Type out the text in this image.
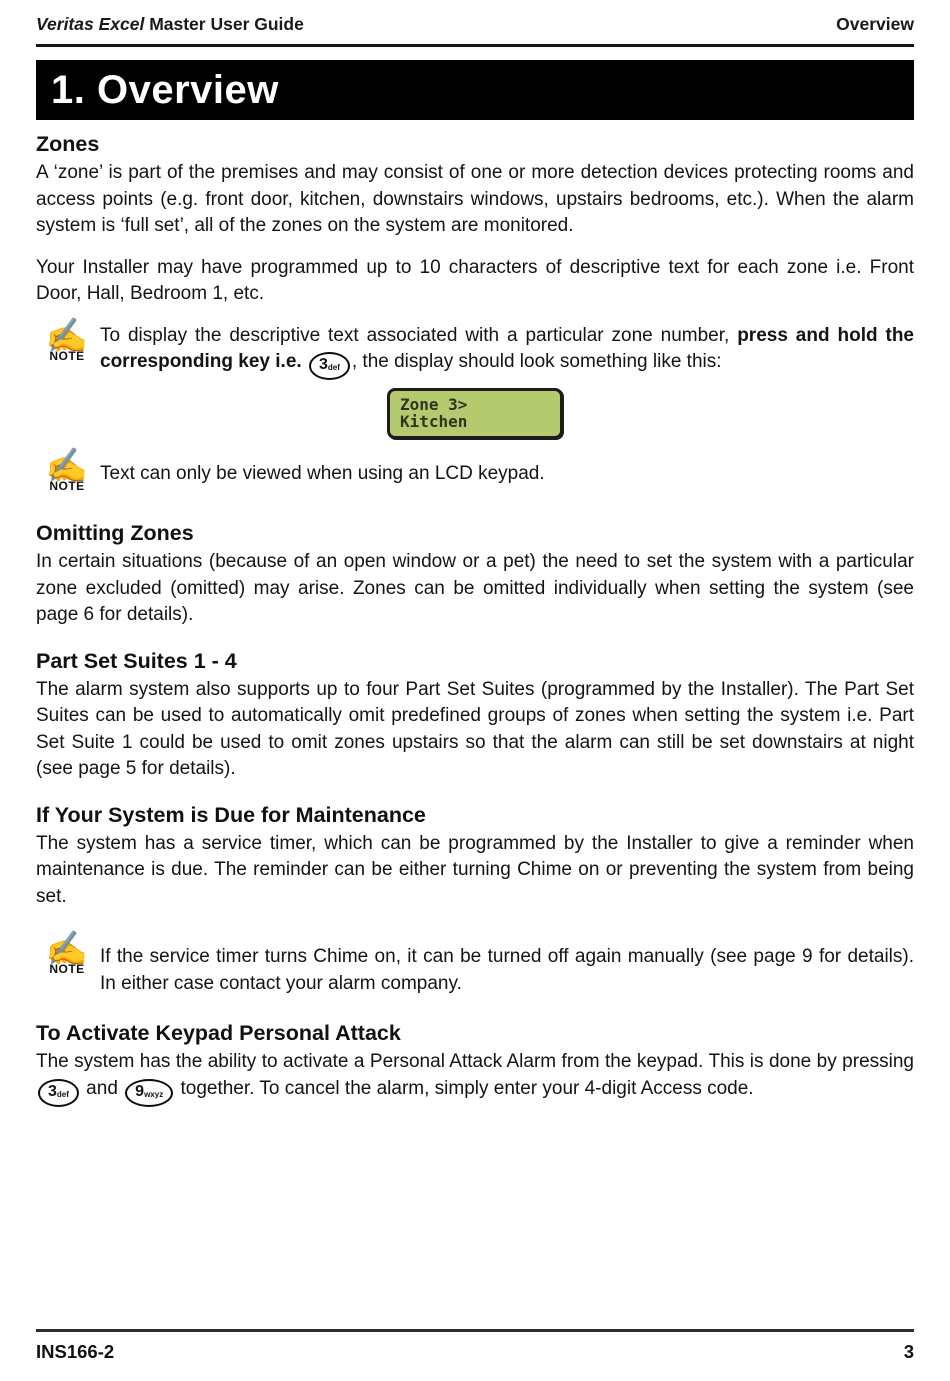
Veritas Excel Master User Guide	Overview
1. Overview
Zones

A ‘zone’ is part of the premises and may consist of one or more detection devices protecting rooms and access points (e.g. front door, kitchen, downstairs windows, upstairs bedrooms, etc.). When the alarm system is ‘full set’, all of the zones on the system are monitored.

Your Installer may have programmed up to 10 characters of descriptive text for each zone i.e. Front Door, Hall, Bedroom 1, etc.

✍
NOTE
To display the descriptive text associated with a particular zone number, press and hold the corresponding key i.e. 3def , the display should look something like this:
Zone 3>
Kitchen
✍
NOTE
Text can only be viewed when using an LCD keypad.
Omitting Zones

In certain situations (because of an open window or a pet) the need to set the system with a particular zone excluded (omitted) may arise. Zones can be omitted individually when setting the system (see page 6 for details).

Part Set Suites 1 - 4

The alarm system also supports up to four Part Set Suites (programmed by the Installer). The Part Set Suites can be used to automatically omit predefined groups of zones when setting the system i.e. Part Set Suite 1 could be used to omit zones upstairs so that the alarm can still be set downstairs at night (see page 5 for details).

If Your System is Due for Maintenance

The system has a service timer, which can be programmed by the Installer to give a reminder when maintenance is due. The reminder can be either turning Chime on or preventing the system from being set.

✍
NOTE
If the service timer turns Chime on, it can be turned off again manually (see page 9 for details). In either case contact your alarm company.
To Activate Keypad Personal Attack

The system has the ability to activate a Personal Attack Alarm from the keypad. This is done by pressing 3def and 9wxyz together. To cancel the alarm, simply enter your 4-digit Access code.

INS166-2	3
